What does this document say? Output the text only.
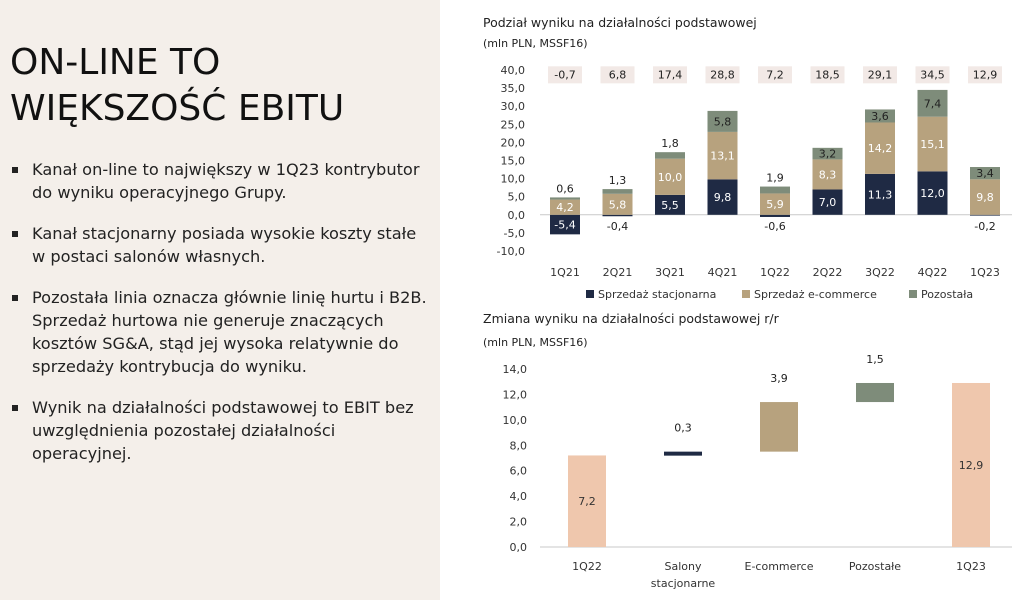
ON-LINE TO
WIĘKSZOŚĆ EBITU
Kanał on-line to największy w 1Q23 kontrybutor do wyniku operacyjnego Grupy.
Kanał stacjonarny posiada wysokie koszty stałe w postaci salonów własnych.
Pozostała linia oznacza głównie linię hurtu i B2B. Sprzedaż hurtowa nie generuje znaczących kosztów SG&A, stąd jej wysoka relatywnie do sprzedaży kontrybucja do wyniku.
Wynik na działalności podstawowej to EBIT bez uwzględnienia pozostałej działalności operacyjnej.
Podział wyniku na działalności podstawowej
(mln PLN, MSSF16)
Zmiana wyniku na działalności podstawowej r/r
(mln PLN, MSSF16)
40,0
35,0
30,0
25,0
20,0
15,0
10,0
5,0
0,0
-5,0
-10,0
-5,4
4,2
0,6
-0,7
1Q21
-0,4
5,8
1,3
6,8
2Q21
5,5
10,0
1,8
17,4
3Q21
9,8
13,1
5,8
28,8
4Q21
-0,6
5,9
1,9
7,2
1Q22
7,0
8,3
3,2
18,5
2Q22
11,3
14,2
3,6
29,1
3Q22
12,0
15,1
7,4
34,5
4Q22
-0,2
9,8
3,4
12,9
1Q23
Sprzedaż stacjonarna	Sprzedaż e-commerce	Pozostała
14,0
12,0
10,0
8,0
6,0
4,0
2,0
0,0
7,2
1Q22
0,3
Salony
stacjonarne
3,9
E-commerce
1,5
Pozostałe
12,9
1Q23
